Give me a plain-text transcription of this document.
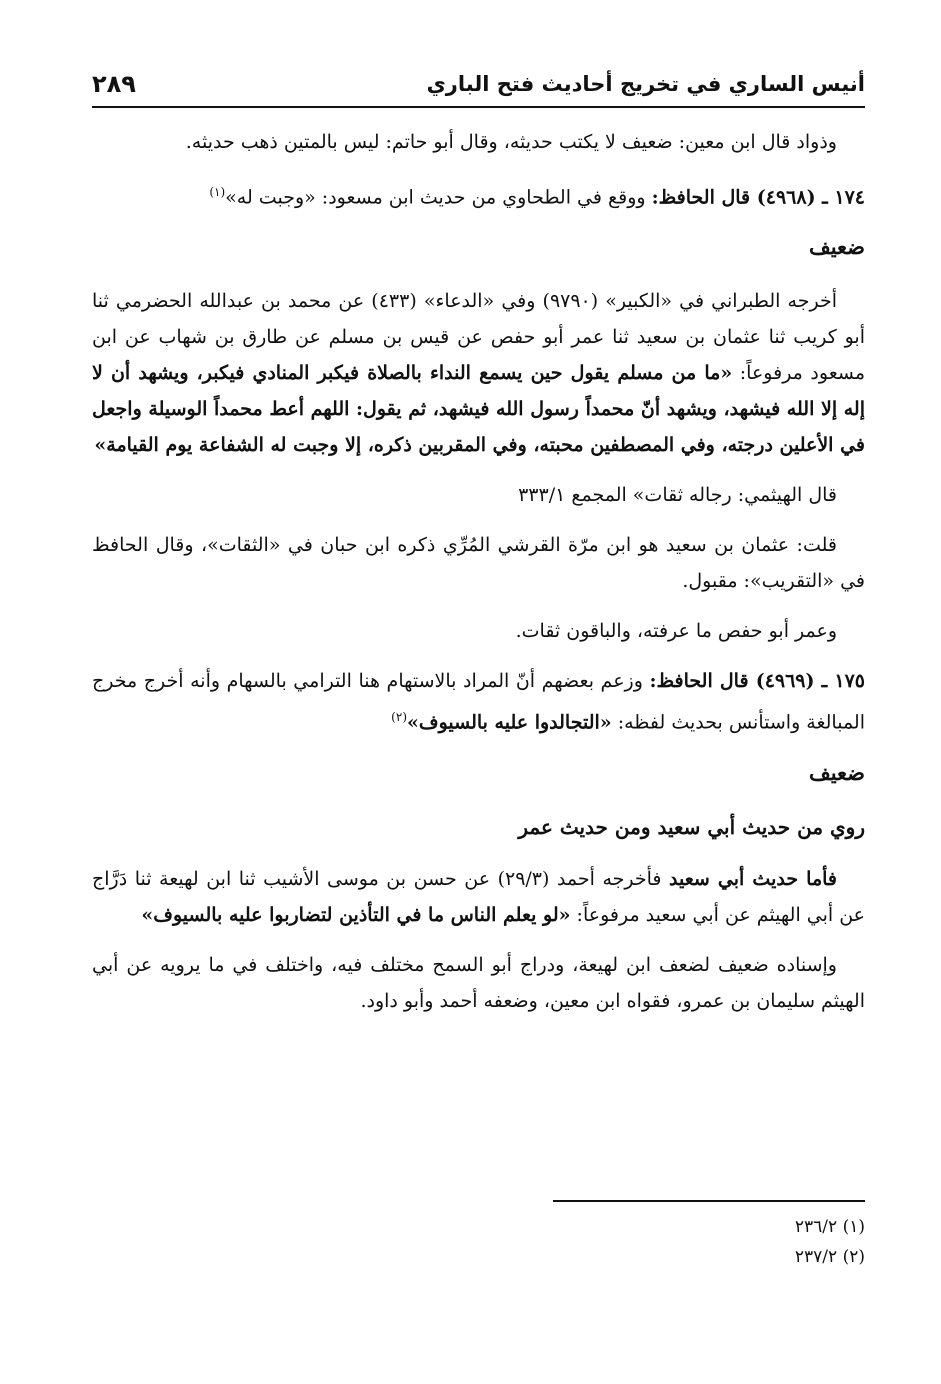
أنيس الساري في تخريج أحاديث فتح الباري
٢٨٩

وذواد قال ابن معين: ضعيف لا يكتب حديثه، وقال أبو حاتم: ليس بالمتين ذهب حديثه.

١٧٤ ـ (٤٩٦٨) قال الحافظ: ووقع في الطحاوي من حديث ابن مسعود: «وجبت له»$^{(١)}$

ضعيف

أخرجه الطبراني في «الكبير» (٩٧٩٠) وفي «الدعاء» (٤٣٣) عن محمد بن عبدالله الحضرمي ثنا أبو كريب ثنا عثمان بن سعيد ثنا عمر أبو حفص عن قيس بن مسلم عن طارق بن شهاب عن ابن مسعود مرفوعاً: «ما من مسلم يقول حين يسمع النداء بالصلاة فيكبر المنادي فيكبر، ويشهد أن لا إله إلا الله فيشهد، ويشهد أنّ محمداً رسول الله فيشهد، ثم يقول: اللهم أعط محمداً الوسيلة واجعل في الأعلين درجته، وفي المصطفين محبته، وفي المقربين ذكره، إلا وجبت له الشفاعة يوم القيامة»

قال الهيثمي: رجاله ثقات» المجمع ٣٣٣/١

قلت: عثمان بن سعيد هو ابن مرّة القرشي المُرِّي ذكره ابن حبان في «الثقات»، وقال الحافظ في «التقريب»: مقبول.

وعمر أبو حفص ما عرفته، والباقون ثقات.

١٧٥ ـ (٤٩٦٩) قال الحافظ: وزعم بعضهم أنّ المراد بالاستهام هنا الترامي بالسهام وأنه أخرج مخرج المبالغة واستأنس بحديث لفظه: «التجالدوا عليه بالسيوف»$^{(٢)}$

ضعيف
روي من حديث أبي سعيد ومن حديث عمر

فأما حديث أبي سعيد فأخرجه أحمد (٢٩/٣) عن حسن بن موسى الأشيب ثنا ابن لهيعة ثنا دَرَّاج عن أبي الهيثم عن أبي سعيد مرفوعاً: «لو يعلم الناس ما في التأذين لتضاربوا عليه بالسيوف»

وإسناده ضعيف لضعف ابن لهيعة، ودراج أبو السمح مختلف فيه، واختلف في ما يرويه عن أبي الهيثم سليمان بن عمرو، فقواه ابن معين، وضعفه أحمد وأبو داود.

(١) ٢٣٦/٢
(٢) ٢٣٧/٢
